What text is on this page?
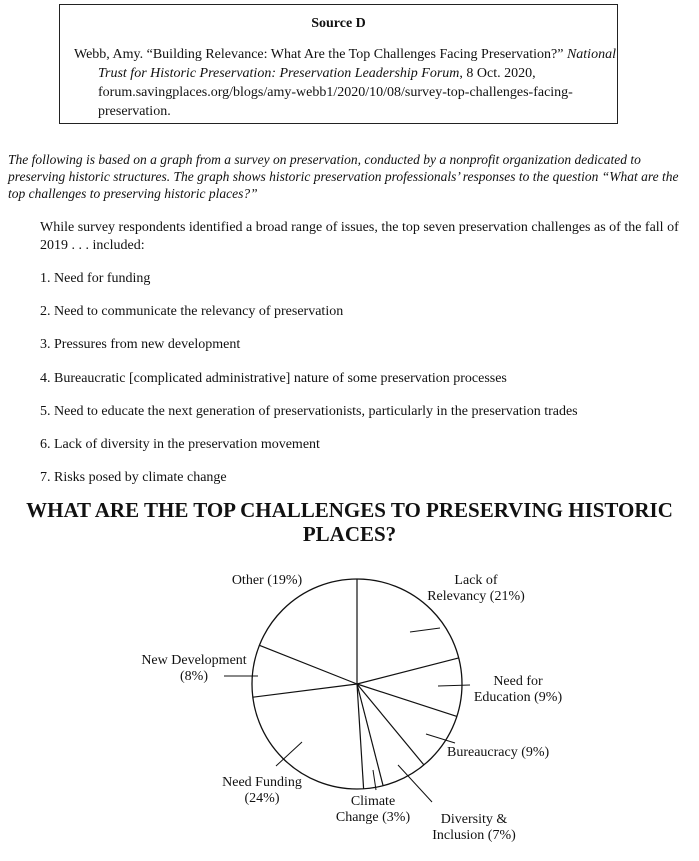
Source D
Webb, Amy. “Building Relevance: What Are the Top Challenges Facing Preservation?” National Trust for Historic Preservation: Preservation Leadership Forum, 8 Oct. 2020, forum.savingplaces.org/blogs/amy-webb1/2020/10/08/survey-top-challenges-facing-preservation.
The following is based on a graph from a survey on preservation, conducted by a nonprofit organization dedicated to preserving historic structures. The graph shows historic preservation professionals’ responses to the question “What are the top challenges to preserving historic places?”
While survey respondents identified a broad range of issues, the top seven preservation challenges as of the fall of 2019 . . . included:
1. Need for funding
2. Need to communicate the relevancy of preservation
3. Pressures from new development
4. Bureaucratic [complicated administrative] nature of some preservation processes
5. Need to educate the next generation of preservationists, particularly in the preservation trades
6. Lack of diversity in the preservation movement
7. Risks posed by climate change
WHAT ARE THE TOP CHALLENGES TO PRESERVING HISTORIC PLACES?
Lack of Relevancy (21%)
Need for Education (9%)
Bureaucracy (9%)
Diversity & Inclusion (7%)
Climate Change (3%)
Need Funding (24%)
New Development (8%)
Other (19%)
